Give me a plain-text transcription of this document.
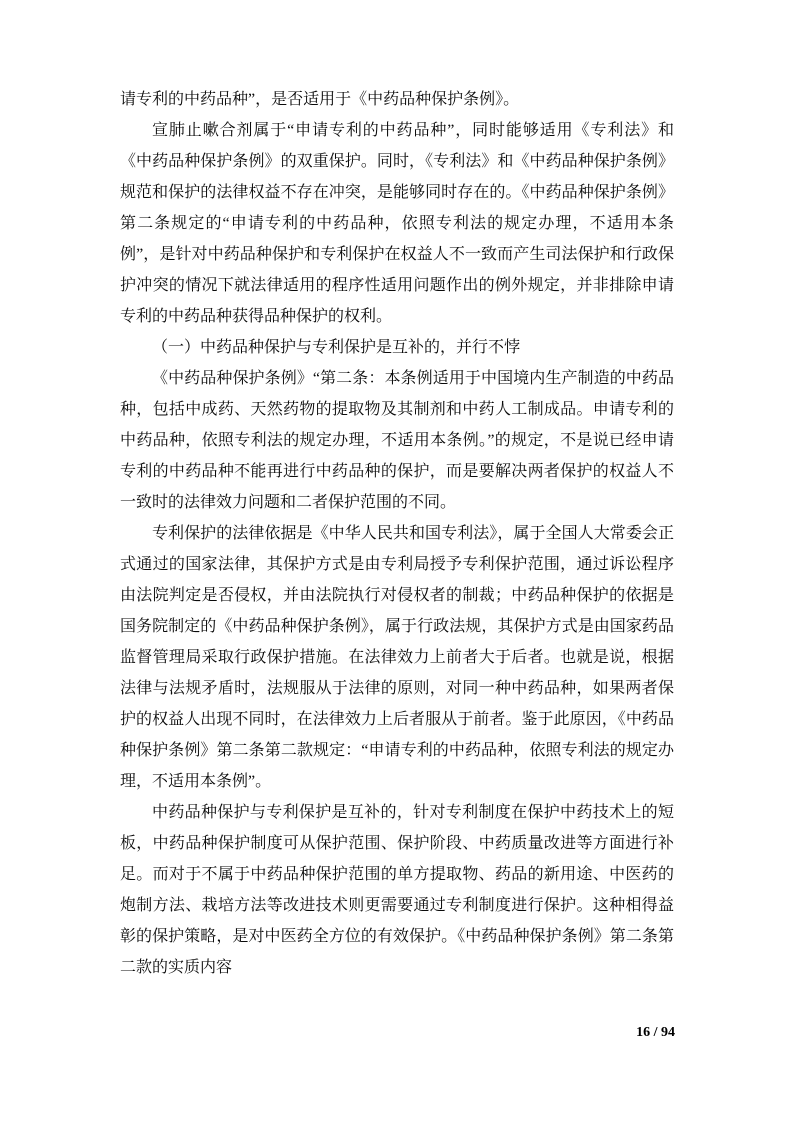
请专利的中药品种”，是否适用于《中药品种保护条例》。

宣肺止嗽合剂属于“申请专利的中药品种”，同时能够适用《专利法》和《中药品种保护条例》的双重保护。同时，《专利法》和《中药品种保护条例》规范和保护的法律权益不存在冲突，是能够同时存在的。《中药品种保护条例》第二条规定的“申请专利的中药品种，依照专利法的规定办理，不适用本条例”，是针对中药品种保护和专利保护在权益人不一致而产生司法保护和行政保护冲突的情况下就法律适用的程序性适用问题作出的例外规定，并非排除申请专利的中药品种获得品种保护的权利。

（一）中药品种保护与专利保护是互补的，并行不悖

《中药品种保护条例》“第二条：本条例适用于中国境内生产制造的中药品种，包括中成药、天然药物的提取物及其制剂和中药人工制成品。申请专利的中药品种，依照专利法的规定办理，不适用本条例。”的规定，不是说已经申请专利的中药品种不能再进行中药品种的保护，而是要解决两者保护的权益人不一致时的法律效力问题和二者保护范围的不同。

专利保护的法律依据是《中华人民共和国专利法》，属于全国人大常委会正式通过的国家法律，其保护方式是由专利局授予专利保护范围，通过诉讼程序由法院判定是否侵权，并由法院执行对侵权者的制裁；中药品种保护的依据是国务院制定的《中药品种保护条例》，属于行政法规，其保护方式是由国家药品监督管理局采取行政保护措施。在法律效力上前者大于后者。也就是说，根据法律与法规矛盾时，法规服从于法律的原则，对同一种中药品种，如果两者保护的权益人出现不同时，在法律效力上后者服从于前者。鉴于此原因，《中药品种保护条例》第二条第二款规定：“申请专利的中药品种，依照专利法的规定办理，不适用本条例”。

中药品种保护与专利保护是互补的，针对专利制度在保护中药技术上的短板，中药品种保护制度可从保护范围、保护阶段、中药质量改进等方面进行补足。而对于不属于中药品种保护范围的单方提取物、药品的新用途、中医药的炮制方法、栽培方法等改进技术则更需要通过专利制度进行保护。这种相得益彰的保护策略，是对中医药全方位的有效保护。《中药品种保护条例》第二条第二款的实质内容

16 / 94
